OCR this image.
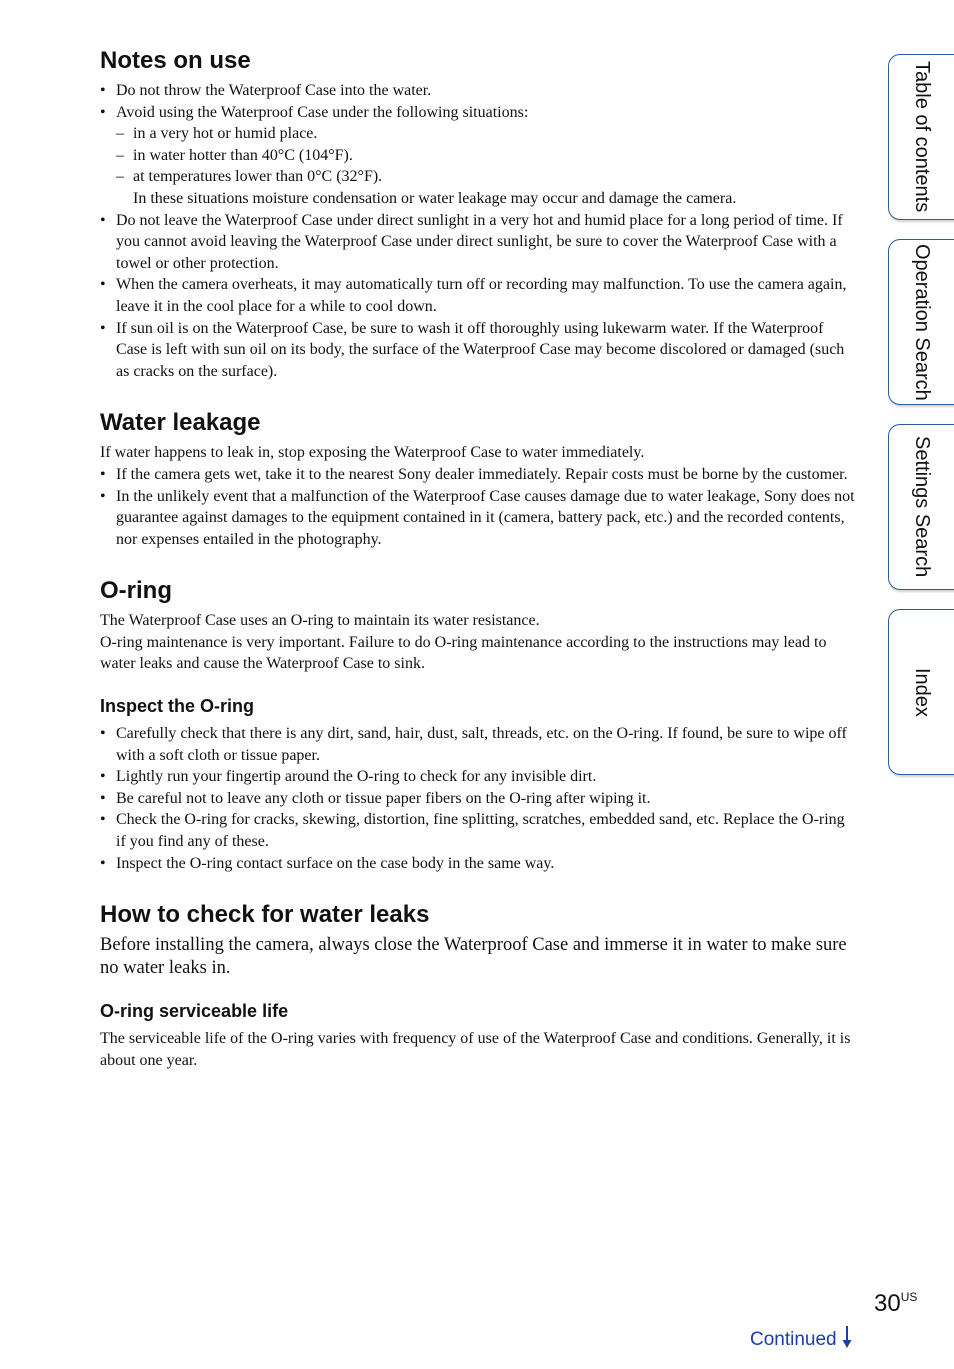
Notes on use
• Do not throw the Waterproof Case into the water.
• Avoid using the Waterproof Case under the following situations:
– in a very hot or humid place.
– in water hotter than 40°C (104°F).
– at temperatures lower than 0°C (32°F).
In these situations moisture condensation or water leakage may occur and damage the camera.
• Do not leave the Waterproof Case under direct sunlight in a very hot and humid place for a long period of time. If you cannot avoid leaving the Waterproof Case under direct sunlight, be sure to cover the Waterproof Case with a towel or other protection.
• When the camera overheats, it may automatically turn off or recording may malfunction. To use the camera again, leave it in the cool place for a while to cool down.
• If sun oil is on the Waterproof Case, be sure to wash it off thoroughly using lukewarm water. If the Waterproof Case is left with sun oil on its body, the surface of the Waterproof Case may become discolored or damaged (such as cracks on the surface).
Water leakage

If water happens to leak in, stop exposing the Waterproof Case to water immediately.

• If the camera gets wet, take it to the nearest Sony dealer immediately. Repair costs must be borne by the customer.
• In the unlikely event that a malfunction of the Waterproof Case causes damage due to water leakage, Sony does not guarantee against damages to the equipment contained in it (camera, battery pack, etc.) and the recorded contents, nor expenses entailed in the photography.
O-ring

The Waterproof Case uses an O-ring to maintain its water resistance.

O-ring maintenance is very important. Failure to do O-ring maintenance according to the instructions may lead to water leaks and cause the Waterproof Case to sink.

Inspect the O-ring
• Carefully check that there is any dirt, sand, hair, dust, salt, threads, etc. on the O-ring. If found, be sure to wipe off with a soft cloth or tissue paper.
• Lightly run your fingertip around the O-ring to check for any invisible dirt.
• Be careful not to leave any cloth or tissue paper fibers on the O-ring after wiping it.
• Check the O-ring for cracks, skewing, distortion, fine splitting, scratches, embedded sand, etc. Replace the O-ring if you find any of these.
• Inspect the O-ring contact surface on the case body in the same way.
How to check for water leaks

Before installing the camera, always close the Waterproof Case and immerse it in water to make sure no water leaks in.

O-ring serviceable life

The serviceable life of the O-ring varies with frequency of use of the Waterproof Case and conditions. Generally, it is about one year.

Table of contents
Operation Search
Settings Search
Index
$30^{US}$
Continued
